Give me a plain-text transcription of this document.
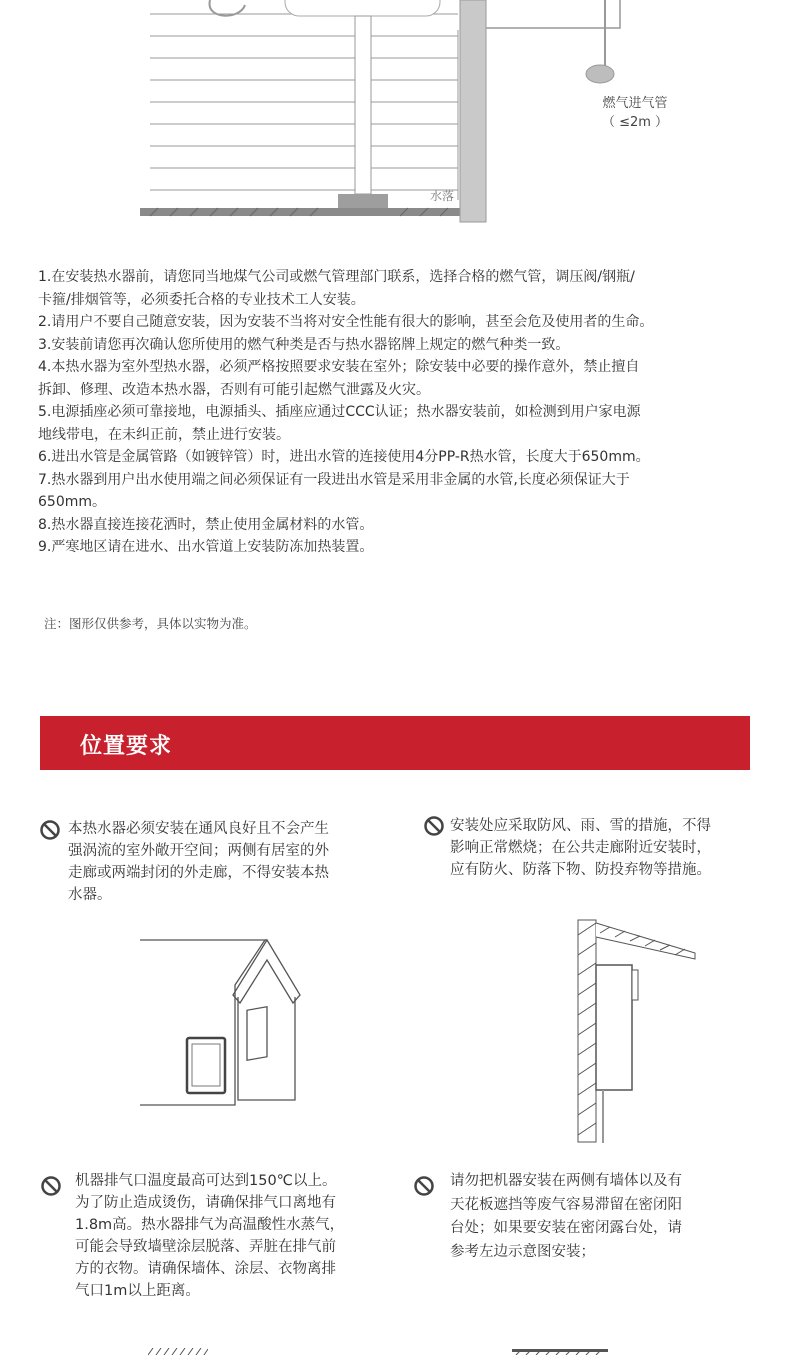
水落
燃气进气管
（ ≤2m ）

1.在安装热水器前，请您同当地煤气公司或燃气管理部门联系，选择合格的燃气管，调压阀/钢瓶/

卡箍/排烟管等，必须委托合格的专业技术工人安装。

2.请用户不要自己随意安装，因为安装不当将对安全性能有很大的影响，甚至会危及使用者的生命。

3.安装前请您再次确认您所使用的燃气种类是否与热水器铭牌上规定的燃气种类一致。

4.本热水器为室外型热水器，必须严格按照要求安装在室外；除安装中必要的操作意外，禁止擅自

拆卸、修理、改造本热水器，否则有可能引起燃气泄露及火灾。

5.电源插座必须可靠接地，电源插头、插座应通过CCC认证；热水器安装前，如检测到用户家电源

地线带电，在未纠正前，禁止进行安装。

6.进出水管是金属管路（如镀锌管）时，进出水管的连接使用4分PP-R热水管，长度大于650mm。

7.热水器到用户出水使用端之间必须保证有一段进出水管是采用非金属的水管,长度必须保证大于

650mm。

8.热水器直接连接花洒时，禁止使用金属材料的水管。

9.严寒地区请在进水、出水管道上安装防冻加热装置。

注：图形仅供参考，具体以实物为准。
位置要求
本热水器必须安装在通风良好且不会产生
强涡流的室外敞开空间；两侧有居室的外
走廊或两端封闭的外走廊，不得安装本热
水器。
安装处应采取防风、雨、雪的措施，不得
影响正常燃烧；在公共走廊附近安装时，
应有防火、防落下物、防投弃物等措施。
机器排气口温度最高可达到150℃以上。
为了防止造成烫伤，请确保排气口离地有
1.8m高。热水器排气为高温酸性水蒸气，
可能会导致墙壁涂层脱落、弄脏在排气前
方的衣物。请确保墙体、涂层、衣物离排
气口1m以上距离。
请勿把机器安装在两侧有墙体以及有
天花板遮挡等废气容易滞留在密闭阳
台处；如果要安装在密闭露台处，请
参考左边示意图安装；
